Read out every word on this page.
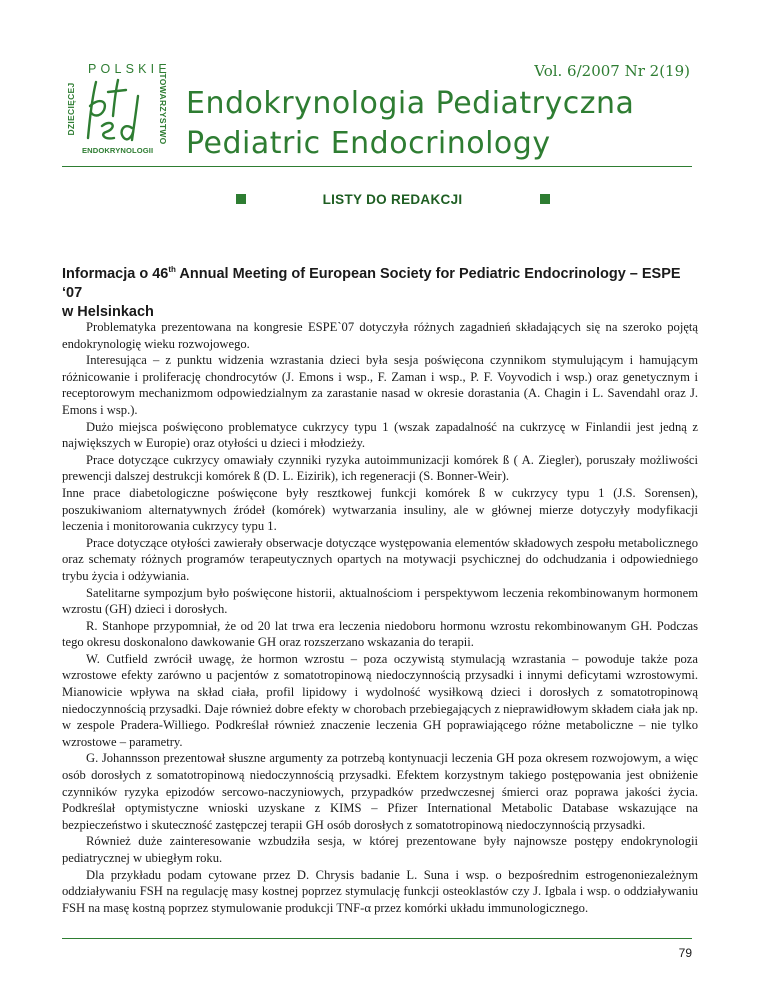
POLSKIE
DZIECIĘCEJ	TOWARZYSTWO
ENDOKRYNOLOGII
Vol. 6/2007 Nr 2(19)
Endokrynologia Pediatryczna
Pediatric Endocrinology
LISTY DO REDAKCJI
Informacja o 46th Annual Meeting of European Society for Pediatric Endocrinology – ESPE ‘07
w Helsinkach

Problematyka prezentowana na kongresie ESPE`07 dotyczyła różnych zagadnień składających się na szeroko pojętą endokrynologię wieku rozwojowego.

Interesująca – z punktu widzenia wzrastania dzieci była sesja poświęcona czynnikom stymulującym i hamującym różnicowanie i proliferację chondrocytów (J. Emons i wsp., F. Zaman i wsp., P. F. Voyvodich i wsp.) oraz genetycznym i receptorowym mechanizmom odpowiedzialnym za zarastanie nasad w okresie dorastania (A. Chagin i L. Savendahl oraz J. Emons i wsp.).

Dużo miejsca poświęcono problematyce cukrzycy typu 1 (wszak zapadalność na cukrzycę w Finlandii jest jedną z największych w Europie) oraz otyłości u dzieci i młodzieży.

Prace dotyczące cukrzycy omawiały czynniki ryzyka autoimmunizacji komórek ß ( A. Ziegler), poruszały możliwości prewencji dalszej destrukcji komórek ß (D. L. Eizirik), ich regeneracji (S. Bonner-Weir).

Inne prace diabetologiczne poświęcone były resztkowej funkcji komórek ß w cukrzycy typu 1 (J.S. Sorensen), poszukiwaniom alternatywnych źródeł (komórek) wytwarzania insuliny, ale w głównej mierze dotyczyły modyfikacji leczenia i monitorowania cukrzycy typu 1.

Prace dotyczące otyłości zawierały obserwacje dotyczące występowania elementów składowych zespołu metabolicznego oraz schematy różnych programów terapeutycznych opartych na motywacji psychicznej do odchudzania i odpowiedniego trybu życia i odżywiania.

Satelitarne sympozjum było poświęcone historii, aktualnościom i perspektywom leczenia rekombinowanym hormonem wzrostu (GH) dzieci i dorosłych.

R. Stanhope przypomniał, że od 20 lat trwa era leczenia niedoboru hormonu wzrostu rekombinowanym GH. Podczas tego okresu doskonalono dawkowanie GH oraz rozszerzano wskazania do terapii.

W. Cutfield zwrócił uwagę, że hormon wzrostu – poza oczywistą stymulacją wzrastania – powoduje także poza wzrostowe efekty zarówno u pacjentów z somatotropinową niedoczynnością przysadki i innymi deficytami wzrostowymi. Mianowicie wpływa na skład ciała, profil lipidowy i wydolność wysiłkową dzieci i dorosłych z somatotropinową niedoczynnością przysadki. Daje również dobre efekty w chorobach przebiegających z nieprawidłowym składem ciała jak np. w zespole Pradera-Williego. Podkreślał również znaczenie leczenia GH poprawiającego różne metaboliczne – nie tylko wzrostowe – parametry.

G. Johannsson prezentował słuszne argumenty za potrzebą kontynuacji leczenia GH poza okresem rozwojowym, a więc osób dorosłych z somatotropinową niedoczynnością przysadki. Efektem korzystnym takiego postępowania jest obniżenie czynników ryzyka epizodów sercowo-naczyniowych, przypadków przedwczesnej śmierci oraz poprawa jakości życia. Podkreślał optymistyczne wnioski uzyskane z KIMS – Pfizer International Metabolic Database wskazujące na bezpieczeństwo i skuteczność zastępczej terapii GH osób dorosłych z somatotropinową niedoczynnością przysadki.

Również duże zainteresowanie wzbudziła sesja, w której prezentowane były najnowsze postępy endokrynologii pediatrycznej w ubiegłym roku.

Dla przykładu podam cytowane przez D. Chrysis badanie L. Suna i wsp. o bezpośrednim estrogenoniezależnym oddziaływaniu FSH na regulację masy kostnej poprzez stymulację funkcji osteoklastów czy J. Igbala i wsp. o oddziaływaniu FSH na masę kostną poprzez stymulowanie produkcji TNF-α przez komórki układu immunologicznego.

79
